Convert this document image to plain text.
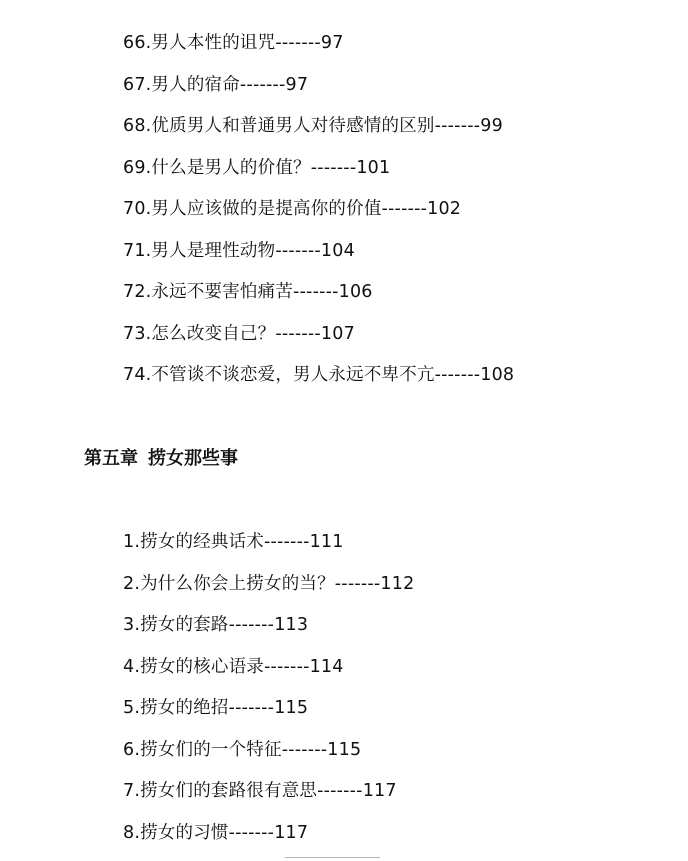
66.男人本性的诅咒-------97
67.男人的宿命-------97
68.优质男人和普通男人对待感情的区别-------99
69.什么是男人的价值？-------101
70.男人应该做的是提高你的价值-------102
71.男人是理性动物-------104
72.永远不要害怕痛苦-------106
73.怎么改变自己？-------107
74.不管谈不谈恋爱，男人永远不卑不亢-------108
第五章 捞女那些事
1.捞女的经典话术-------111
2.为什么你会上捞女的当？-------112
3.捞女的套路-------113
4.捞女的核心语录-------114
5.捞女的绝招-------115
6.捞女们的一个特征-------115
7.捞女们的套路很有意思-------117
8.捞女的习惯-------117
